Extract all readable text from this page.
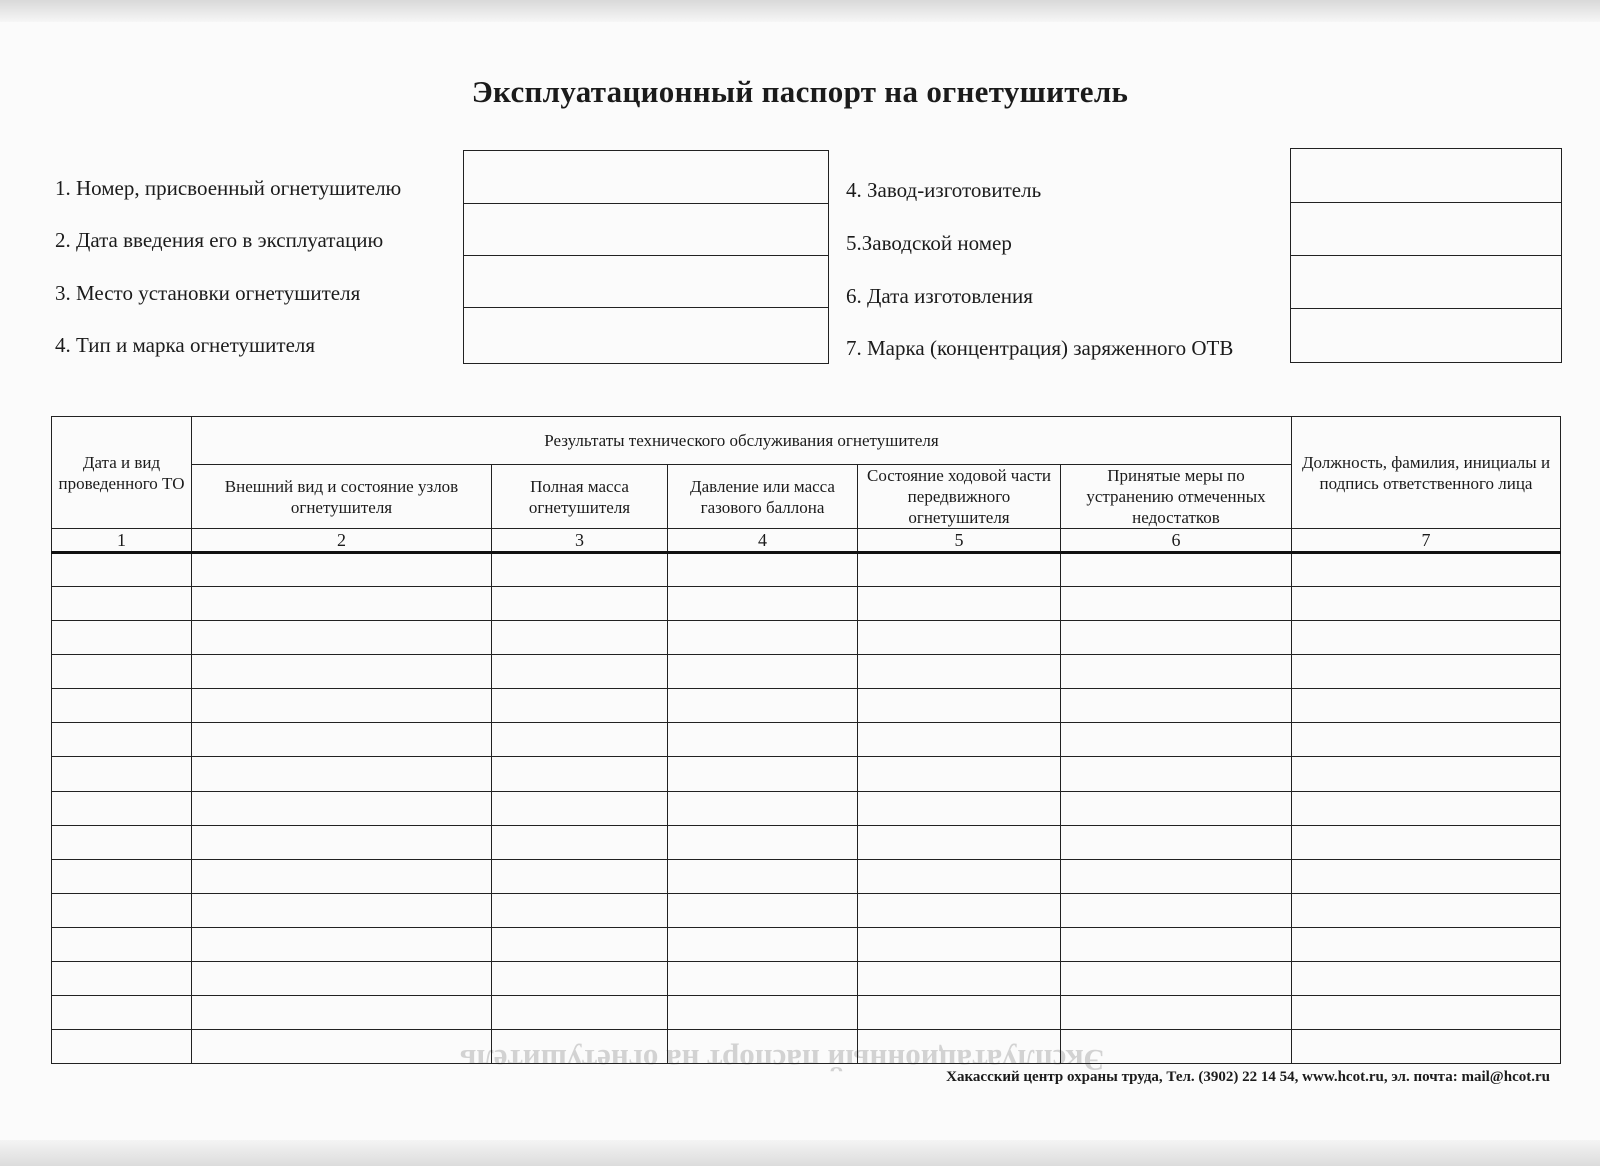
Эксплуатационный паспорт на огнетушитель
Эксплуатационный паспорт на огнетушитель
1. Номер, присвоенный огнетушителю
2. Дата введения его в эксплуатацию
3. Место установки огнетушителя
4. Тип и марка огнетушителя
4. Завод-изготовитель
5.Заводской номер
6. Дата изготовления
7. Марка (концентрация) заряженного ОТВ
Дата и вид проведенного ТО	Результаты технического обслуживания огнетушителя					Должность, фамилия, инициалы и подпись ответственного лица
	Внешний вид и состояние узлов огнетушителя	Полная масса огнетушителя	Давление или масса газового баллона	Состояние ходовой части передвижного огнетушителя	Принятые меры по устранению отмеченных недостатков	
1	2	3	4	5	6	7

Хакасский центр охраны труда, Тел. (3902) 22 14 54, www.hcot.ru, эл. почта: mail@hcot.ru
